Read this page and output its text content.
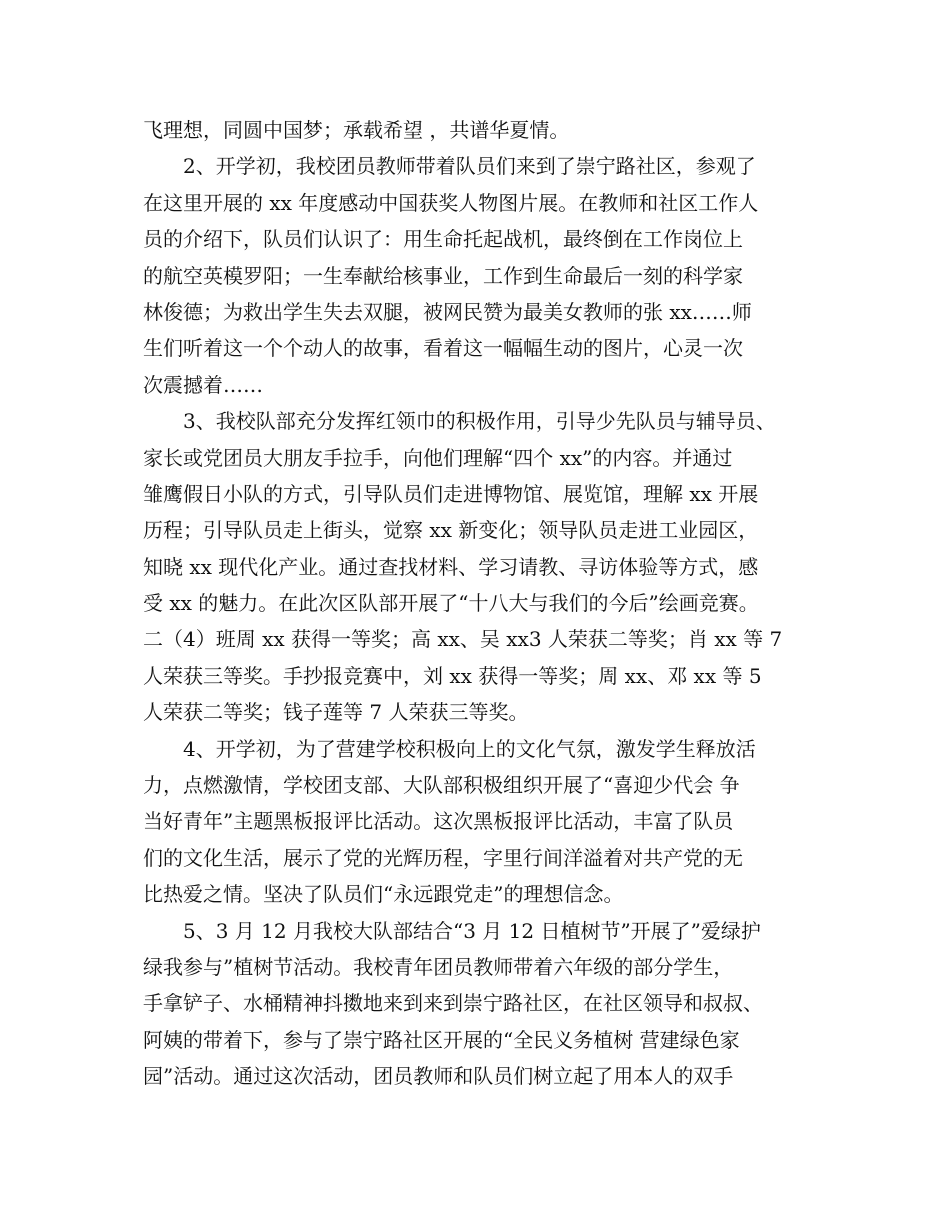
飞理想，同圆中国梦；承载希望 ，共谱华夏情。
2、开学初，我校团员教师带着队员们来到了崇宁路社区，参观了
在这里开展的 xx 年度感动中国获奖人物图片展。在教师和社区工作人
员的介绍下，队员们认识了：用生命托起战机，最终倒在工作岗位上
的航空英模罗阳；一生奉献给核事业，工作到生命最后一刻的科学家
林俊德；为救出学生失去双腿，被网民赞为最美女教师的张 xx……师
生们听着这一个个动人的故事，看着这一幅幅生动的图片，心灵一次
次震撼着……
3、我校队部充分发挥红领巾的积极作用，引导少先队员与辅导员、
家长或党团员大朋友手拉手，向他们理解“四个 xx”的内容。并通过
雏鹰假日小队的方式，引导队员们走进博物馆、展览馆，理解 xx 开展
历程；引导队员走上街头，觉察 xx 新变化；领导队员走进工业园区，
知晓 xx 现代化产业。通过查找材料、学习请教、寻访体验等方式，感
受 xx 的魅力。在此次区队部开展了“十八大与我们的今后”绘画竞赛。
二（4）班周 xx 获得一等奖；高 xx、吴 xx3 人荣获二等奖；肖 xx 等 7
人荣获三等奖。手抄报竞赛中，刘 xx 获得一等奖；周 xx、邓 xx 等 5
人荣获二等奖；钱子莲等 7 人荣获三等奖。
4、开学初，为了营建学校积极向上的文化气氛，激发学生释放活
力，点燃激情，学校团支部、大队部积极组织开展了“喜迎少代会 争
当好青年”主题黑板报评比活动。这次黑板报评比活动，丰富了队员
们的文化生活，展示了党的光辉历程，字里行间洋溢着对共产党的无
比热爱之情。坚决了队员们“永远跟党走”的理想信念。
5、3 月 12 月我校大队部结合“3 月 12 日植树节”开展了”爱绿护
绿我参与”植树节活动。我校青年团员教师带着六年级的部分学生，
手拿铲子、水桶精神抖擞地来到来到崇宁路社区，在社区领导和叔叔、
阿姨的带着下，参与了崇宁路社区开展的“全民义务植树 营建绿色家
园”活动。通过这次活动，团员教师和队员们树立起了用本人的双手
